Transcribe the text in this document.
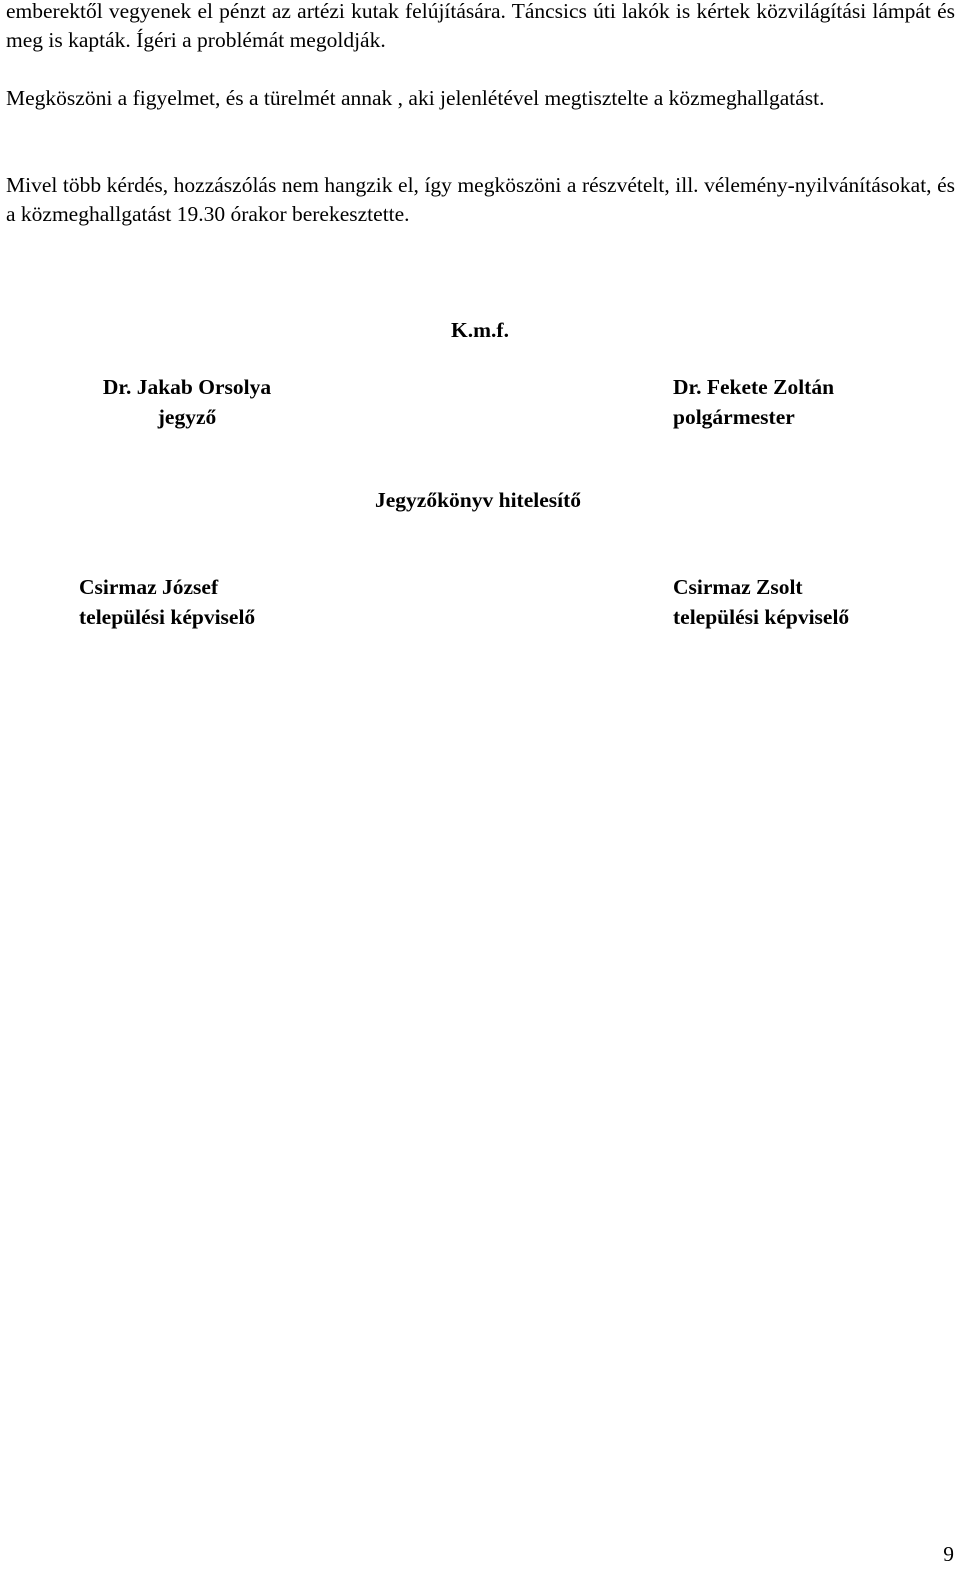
emberektől vegyenek el pénzt az artézi kutak felújítására. Táncsics úti lakók is kértek közvilágítási lámpát és meg is kapták. Ígéri a problémát megoldják.

Megköszöni a figyelmet, és a türelmét annak , aki jelenlétével megtisztelte a közmeghallgatást.

Mivel több kérdés, hozzászólás nem hangzik el, így megköszöni a részvételt, ill. vélemény-nyilvánításokat, és a közmeghallgatást 19.30 órakor berekesztette.

K.m.f.
Dr. Jakab Orsolya
jegyző
Dr. Fekete Zoltán
polgármester
Jegyzőkönyv hitelesítő
Csirmaz József
települési képviselő
Csirmaz Zsolt
települési képviselő
9
